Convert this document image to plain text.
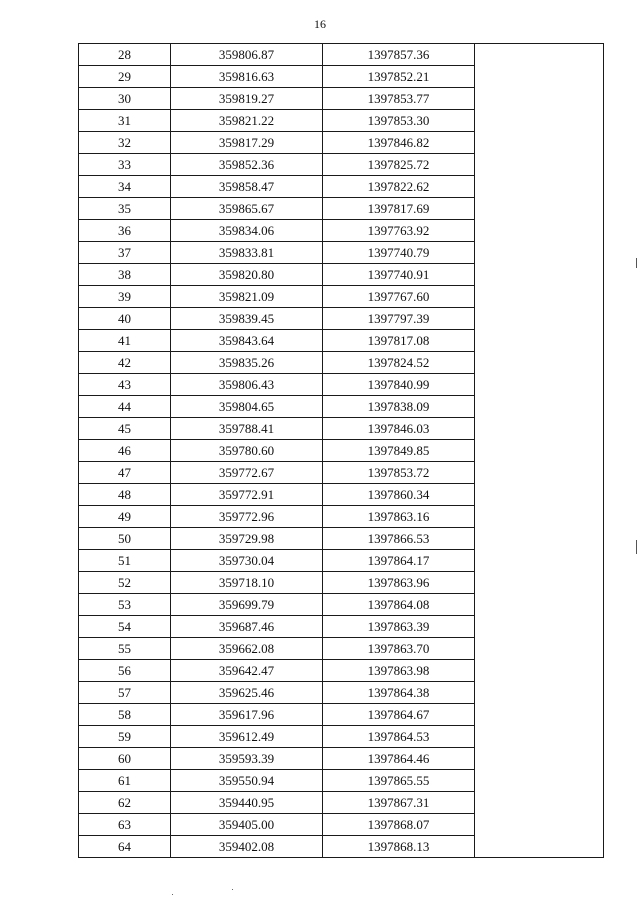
16
28	359806.87	1397857.36	
29	359816.63	1397852.21	
30	359819.27	1397853.77	
31	359821.22	1397853.30	
32	359817.29	1397846.82	
33	359852.36	1397825.72	
34	359858.47	1397822.62	
35	359865.67	1397817.69	
36	359834.06	1397763.92	
37	359833.81	1397740.79	
38	359820.80	1397740.91	
39	359821.09	1397767.60	
40	359839.45	1397797.39	
41	359843.64	1397817.08	
42	359835.26	1397824.52	
43	359806.43	1397840.99	
44	359804.65	1397838.09	
45	359788.41	1397846.03	
46	359780.60	1397849.85	
47	359772.67	1397853.72	
48	359772.91	1397860.34	
49	359772.96	1397863.16	
50	359729.98	1397866.53	
51	359730.04	1397864.17	
52	359718.10	1397863.96	
53	359699.79	1397864.08	
54	359687.46	1397863.39	
55	359662.08	1397863.70	
56	359642.47	1397863.98	
57	359625.46	1397864.38	
58	359617.96	1397864.67	
59	359612.49	1397864.53	
60	359593.39	1397864.46	
61	359550.94	1397865.55	
62	359440.95	1397867.31	
63	359405.00	1397868.07	
64	359402.08	1397868.13	
